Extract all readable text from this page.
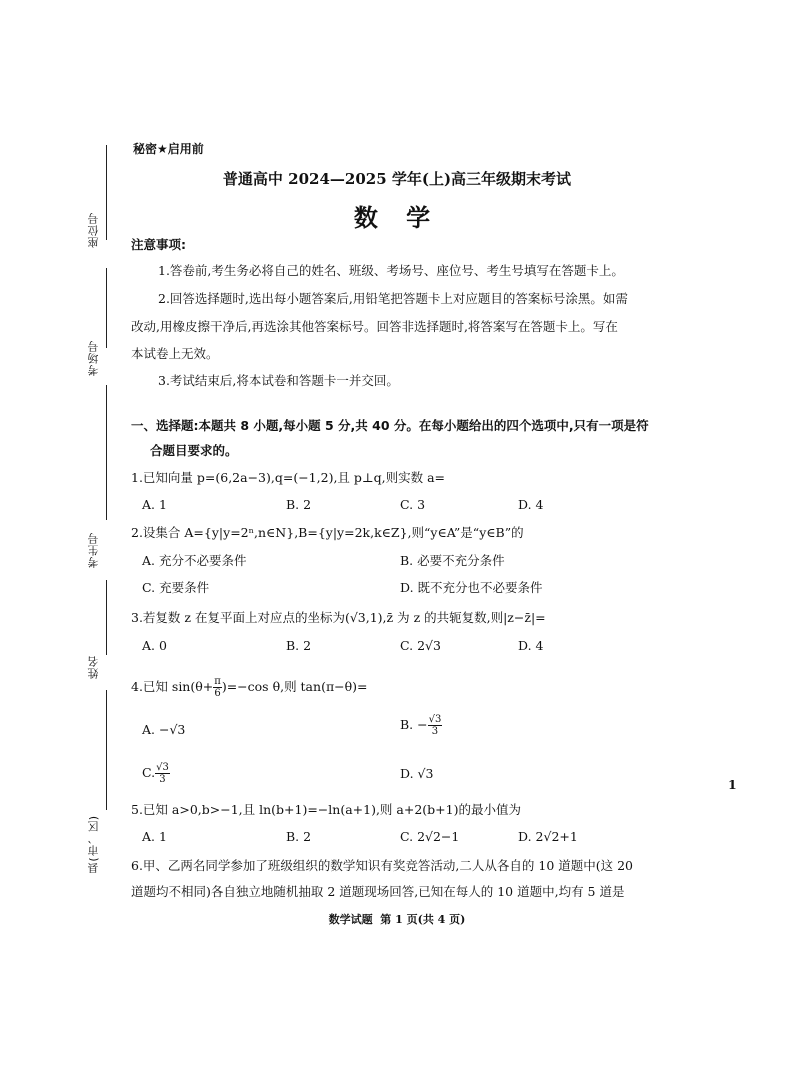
座位号
考场号
考生号
姓名
县(市、区)
秘密★启用前
普通高中 2024—2025 学年(上)高三年级期末考试
数 学
注意事项:
1.答卷前,考生务必将自己的姓名、班级、考场号、座位号、考生号填写在答题卡上。
2.回答选择题时,选出每小题答案后,用铅笔把答题卡上对应题目的答案标号涂黑。如需
改动,用橡皮擦干净后,再选涂其他答案标号。回答非选择题时,将答案写在答题卡上。写在
本试卷上无效。
3.考试结束后,将本试卷和答题卡一并交回。
一、选择题:本题共 8 小题,每小题 5 分,共 40 分。在每小题给出的四个选项中,只有一项是符
合题目要求的。
1.已知向量 p=(6,2a−3),q=(−1,2),且 p⊥q,则实数 a=
A. 1	B. 2	C. 3	D. 4
2.设集合 A={y|y=2ⁿ,n∈N},B={y|y=2k,k∈Z},则“y∈A”是“y∈B”的
A. 充分不必要条件	B. 必要不充分条件
C. 充要条件	D. 既不充分也不必要条件
3.若复数 z 在复平面上对应点的坐标为(√3,1),z̄ 为 z 的共轭复数,则|z−z̄|=
A. 0	B. 2	C. 2√3	D. 4
4.已知 $\sin(\theta+ \frac{\pi}{6} )=-\cos$ θ,则 tan(π−θ)=
A. −√3	B. − $\frac{√3}{3}$
C. $\frac{√3}{3}$	D. √3
1
5.已知 a>0,b>−1,且 ln(b+1)=−ln(a+1),则 a+2(b+1)的最小值为
A. 1	B. 2	C. 2√2−1	D. 2√2+1
6.甲、乙两名同学参加了班级组织的数学知识有奖竞答活动,二人从各自的 10 道题中(这 20
道题均不相同)各自独立地随机抽取 2 道题现场回答,已知在每人的 10 道题中,均有 5 道是
数学试题  第 1 页(共 4 页)
